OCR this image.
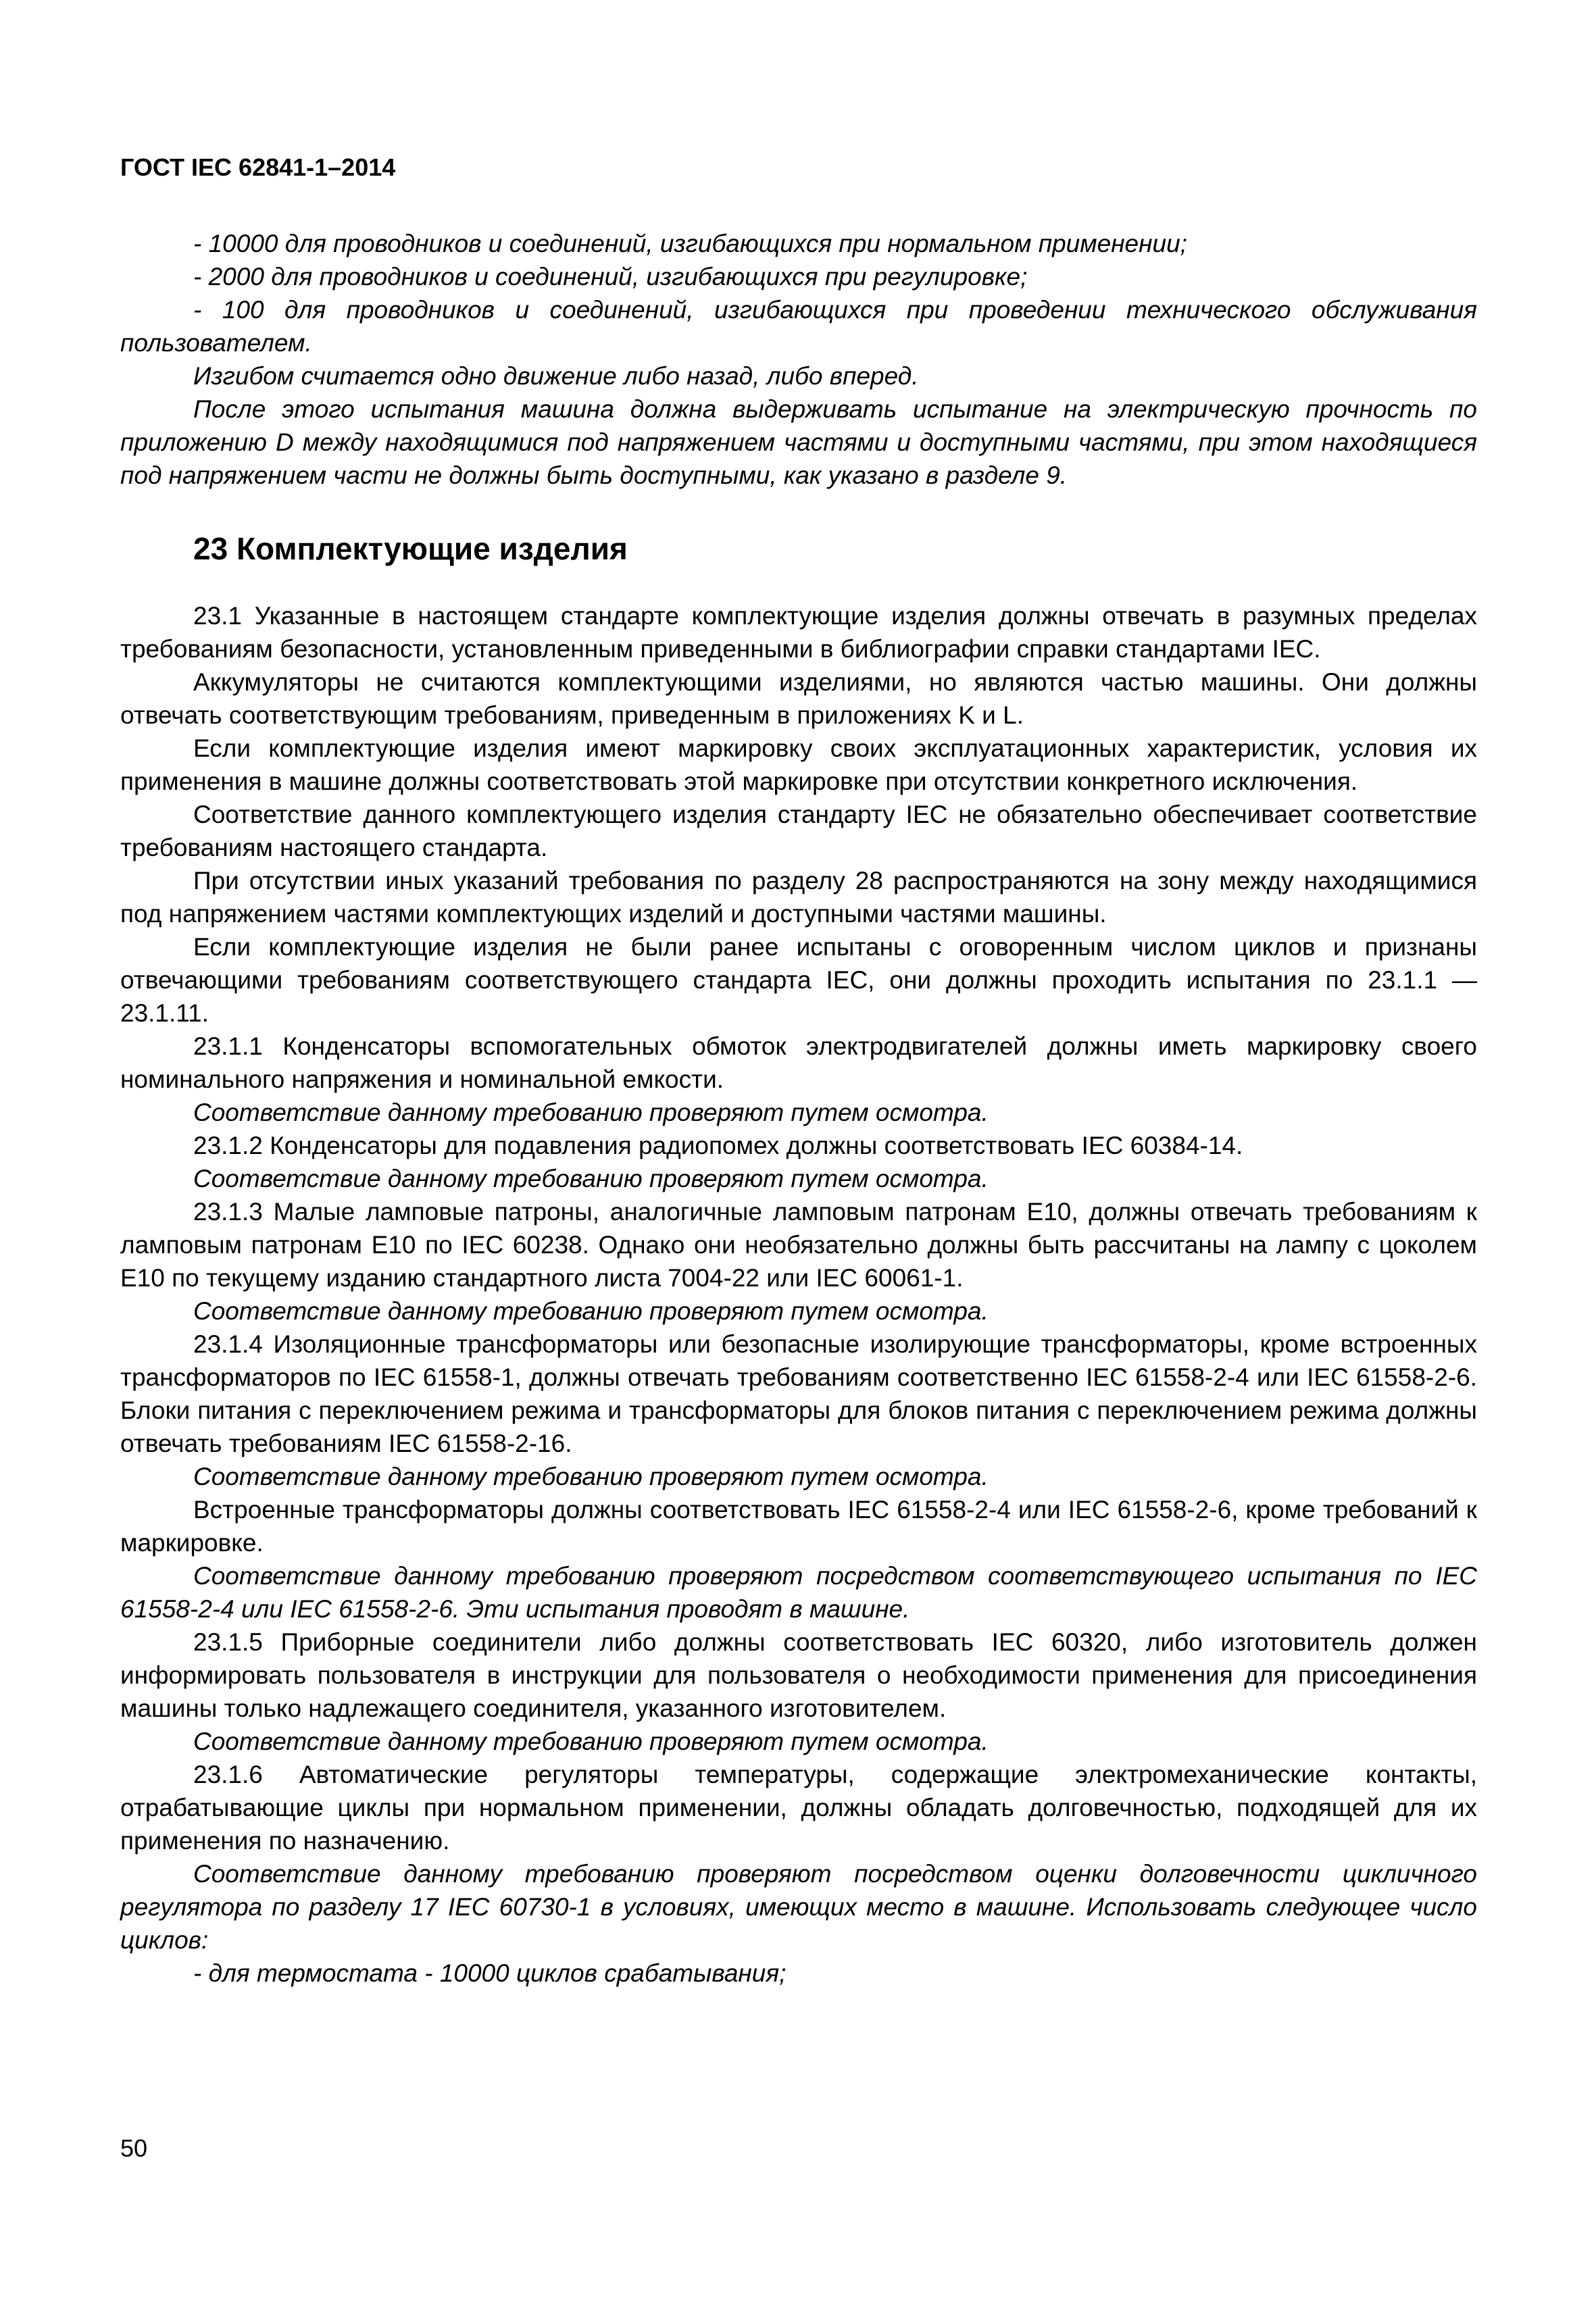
ГОСТ IEC 62841-1–2014

- 10000 для проводников и соединений, изгибающихся при нормальном применении;

- 2000 для проводников и соединений, изгибающихся при регулировке;

- 100 для проводников и соединений, изгибающихся при проведении технического обслуживания пользователем.

Изгибом считается одно движение либо назад, либо вперед.

После этого испытания машина должна выдерживать испытание на электрическую прочность по приложению D между находящимися под напряжением частями и доступными частями, при этом находящиеся под напряжением части не должны быть доступными, как указано в разделе 9.

23 Комплектующие изделия

23.1 Указанные в настоящем стандарте комплектующие изделия должны отвечать в разумных пределах требованиям безопасности, установленным приведенными в библиографии справки стандартами IEC.

Аккумуляторы не считаются комплектующими изделиями, но являются частью машины. Они должны отвечать соответствующим требованиям, приведенным в приложениях K и L.

Если комплектующие изделия имеют маркировку своих эксплуатационных характеристик, условия их применения в машине должны соответствовать этой маркировке при отсутствии конкретного исключения.

Соответствие данного комплектующего изделия стандарту IEC не обязательно обеспечивает соответствие требованиям настоящего стандарта.

При отсутствии иных указаний требования по разделу 28 распространяются на зону между находящимися под напряжением частями комплектующих изделий и доступными частями машины.

Если комплектующие изделия не были ранее испытаны с оговоренным числом циклов и признаны отвечающими требованиям соответствующего стандарта IEC, они должны проходить испытания по 23.1.1 — 23.1.11.

23.1.1 Конденсаторы вспомогательных обмоток электродвигателей должны иметь маркировку своего номинального напряжения и номинальной емкости.

Соответствие данному требованию проверяют путем осмотра.

23.1.2 Конденсаторы для подавления радиопомех должны соответствовать IEC 60384-14.

Соответствие данному требованию проверяют путем осмотра.

23.1.3 Малые ламповые патроны, аналогичные ламповым патронам E10, должны отвечать требованиям к ламповым патронам E10 по IEC 60238. Однако они необязательно должны быть рассчитаны на лампу с цоколем E10 по текущему изданию стандартного листа 7004-22 или IEC 60061-1.

Соответствие данному требованию проверяют путем осмотра.

23.1.4 Изоляционные трансформаторы или безопасные изолирующие трансформаторы, кроме встроенных трансформаторов по IEC 61558-1, должны отвечать требованиям соответственно IEC 61558-2-4 или IEC 61558-2-6. Блоки питания с переключением режима и трансформаторы для блоков питания с переключением режима должны отвечать требованиям IEC 61558-2-16.

Соответствие данному требованию проверяют путем осмотра.

Встроенные трансформаторы должны соответствовать IEC 61558-2-4 или IEC 61558-2-6, кроме требований к маркировке.

Соответствие данному требованию проверяют посредством соответствующего испытания по IEC 61558-2-4 или IEC 61558-2-6. Эти испытания проводят в машине.

23.1.5 Приборные соединители либо должны соответствовать IEC 60320, либо изготовитель должен информировать пользователя в инструкции для пользователя о необходимости применения для присоединения машины только надлежащего соединителя, указанного изготовителем.

Соответствие данному требованию проверяют путем осмотра.

23.1.6 Автоматические регуляторы температуры, содержащие электромеханические контакты, отрабатывающие циклы при нормальном применении, должны обладать долговечностью, подходящей для их применения по назначению.

Соответствие данному требованию проверяют посредством оценки долговечности цикличного регулятора по разделу 17 IEC 60730-1 в условиях, имеющих место в машине. Использовать следующее число циклов:

- для термостата - 10000 циклов срабатывания;

50
